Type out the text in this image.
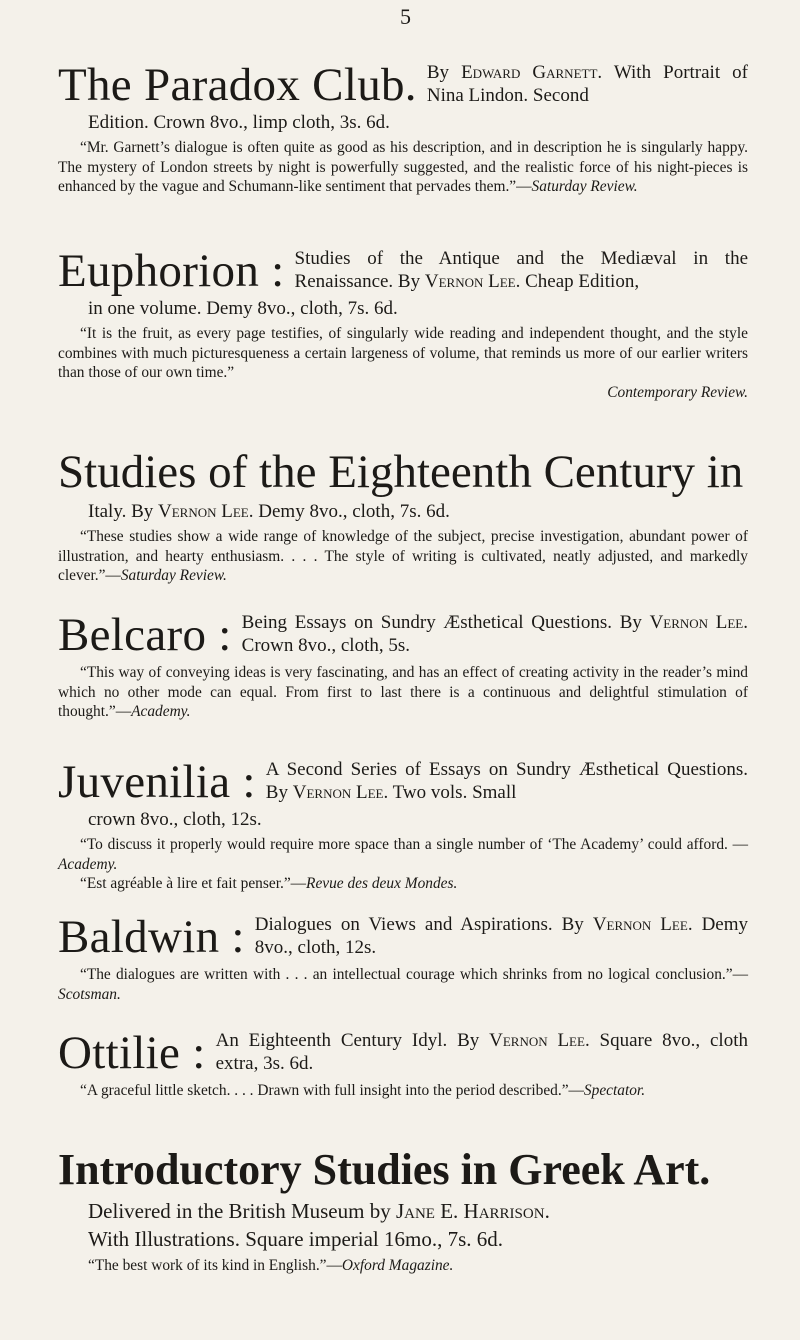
5
The Paradox Club. By Edward Garnett. With Portrait of Nina Lindon. Second
Edition. Crown 8vo., limp cloth, 3s. 6d.

“Mr. Garnett’s dialogue is often quite as good as his description, and in description he is singularly happy. The mystery of London streets by night is powerfully suggested, and the realistic force of his night-pieces is enhanced by the vague and Schumann-like sentiment that pervades them.”—Saturday Review.

Euphorion : Studies of the Antique and the Mediæval in the Renaissance. By Vernon Lee. Cheap Edition,
in one volume. Demy 8vo., cloth, 7s. 6d.

“It is the fruit, as every page testifies, of singularly wide reading and independent thought, and the style combines with much picturesqueness a certain largeness of volume, that reminds us more of our earlier writers than those of our own time.”

Contemporary Review.
Studies of the Eighteenth Century in
Italy. By Vernon Lee. Demy 8vo., cloth, 7s. 6d.

“These studies show a wide range of knowledge of the subject, precise investigation, abundant power of illustration, and hearty enthusiasm. . . . The style of writing is cultivated, neatly adjusted, and markedly clever.”—Saturday Review.

Belcaro : Being Essays on Sundry Æsthetical Questions. By Vernon Lee. Crown 8vo., cloth, 5s.

“This way of conveying ideas is very fascinating, and has an effect of creating activity in the reader’s mind which no other mode can equal. From first to last there is a continuous and delightful stimulation of thought.”—Academy.

Juvenilia : A Second Series of Essays on Sundry Æsthetical Questions. By Vernon Lee. Two vols. Small
crown 8vo., cloth, 12s.

“To discuss it properly would require more space than a single number of ‘The Academy’ could afford. —Academy.

“Est agréable à lire et fait penser.”—Revue des deux Mondes.

Baldwin : Dialogues on Views and Aspirations. By Vernon Lee. Demy 8vo., cloth, 12s.

“The dialogues are written with . . . an intellectual courage which shrinks from no logical conclusion.”—Scotsman.

Ottilie : An Eighteenth Century Idyl. By Vernon Lee. Square 8vo., cloth extra, 3s. 6d.

“A graceful little sketch. . . . Drawn with full insight into the period described.”—Spectator.

Introductory Studies in Greek Art.
Delivered in the British Museum by Jane E. Harrison.
With Illustrations. Square imperial 16mo., 7s. 6d.

“The best work of its kind in English.”—Oxford Magazine.
